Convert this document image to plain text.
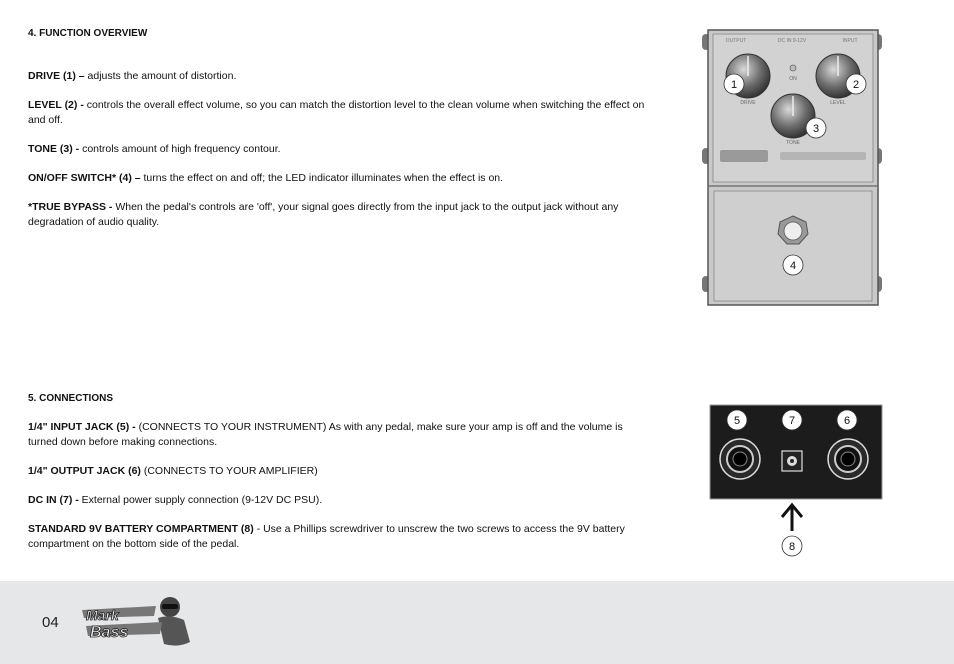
4. FUNCTION OVERVIEW

DRIVE (1) – adjusts the amount of distortion.

LEVEL (2) - controls the overall effect volume, so you can match the distortion level to the clean volume when switching the effect on and off.

TONE (3) - controls amount of high frequency contour.

ON/OFF SWITCH* (4) – turns the effect on and off; the LED indicator illuminates when the effect is on.

*TRUE BYPASS - When the pedal's controls are 'off', your signal goes directly from the input jack to the output jack without any degradation of audio quality.

5. CONNECTIONS

1/4" INPUT JACK (5) - (CONNECTS TO YOUR INSTRUMENT) As with any pedal, make sure your amp is off and the volume is turned down before making connections.

1/4" OUTPUT JACK (6) (CONNECTS TO YOUR AMPLIFIER)

DC IN (7) - External power supply connection (9-12V DC PSU).

STANDARD 9V BATTERY COMPARTMENT (8) - Use a Phillips screwdriver to unscrew the two screws to access the 9V battery compartment on the bottom side of the pedal.

OUTPUT	DC IN 9-12V	INPUT
DRIVE	LEVEL
TONE
ON
1	2
3
4
5	7	6
8
04 Mark
Bass
